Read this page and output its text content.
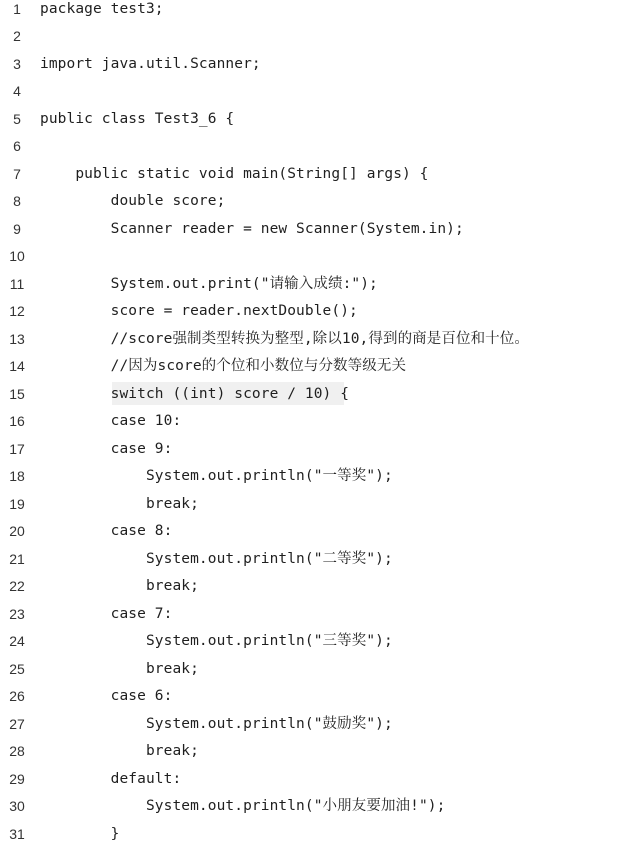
1	package test3;
2
3	import java.util.Scanner;
4
5	public class Test3_6 {
6
7	public static void main(String[] args) {
8	double score;
9	Scanner reader = new Scanner(System.in);
10
11	System.out.print("请输入成绩:");
12	score = reader.nextDouble();
13	//score强制类型转换为整型,除以10,得到的商是百位和十位。
14	//因为score的个位和小数位与分数等级无关
15	switch ((int) score / 10) {
16	case 10:
17	case 9:
18	System.out.println("一等奖");
19	break;
20	case 8:
21	System.out.println("二等奖");
22	break;
23	case 7:
24	System.out.println("三等奖");
25	break;
26	case 6:
27	System.out.println("鼓励奖");
28	break;
29	default:
30	System.out.println("小朋友要加油!");
31	}
